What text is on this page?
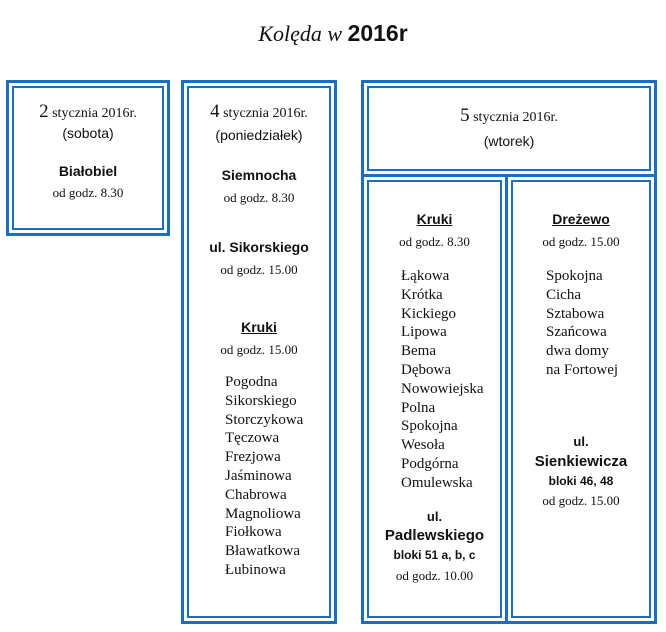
Kolęda w 2016r
2 stycznia 2016r.
(sobota)
Białobiel
od godz. 8.30
4 stycznia 2016r.
(poniedziałek)
Siemnocha
od godz. 8.30
ul. Sikorskiego
od godz. 15.00
Kruki
od godz. 15.00
Pogodna
Sikorskiego
Storczykowa
Tęczowa
Frezjowa
Jaśminowa
Chabrowa
Magnoliowa
Fiołkowa
Bławatkowa
Łubinowa
5 stycznia 2016r.
(wtorek)
Kruki
od godz. 8.30
Łąkowa
Krótka
Kickiego
Lipowa
Bema
Dębowa
Nowowiejska
Polna
Spokojna
Wesoła
Podgórna
Omulewska
ul.
Padlewskiego
bloki 51 a, b, c
od godz. 10.00
Dreżewo
od godz. 15.00
Spokojna
Cicha
Sztabowa
Szańcowa
dwa domy
na Fortowej
ul.
Sienkiewicza
bloki 46, 48
od godz. 15.00
